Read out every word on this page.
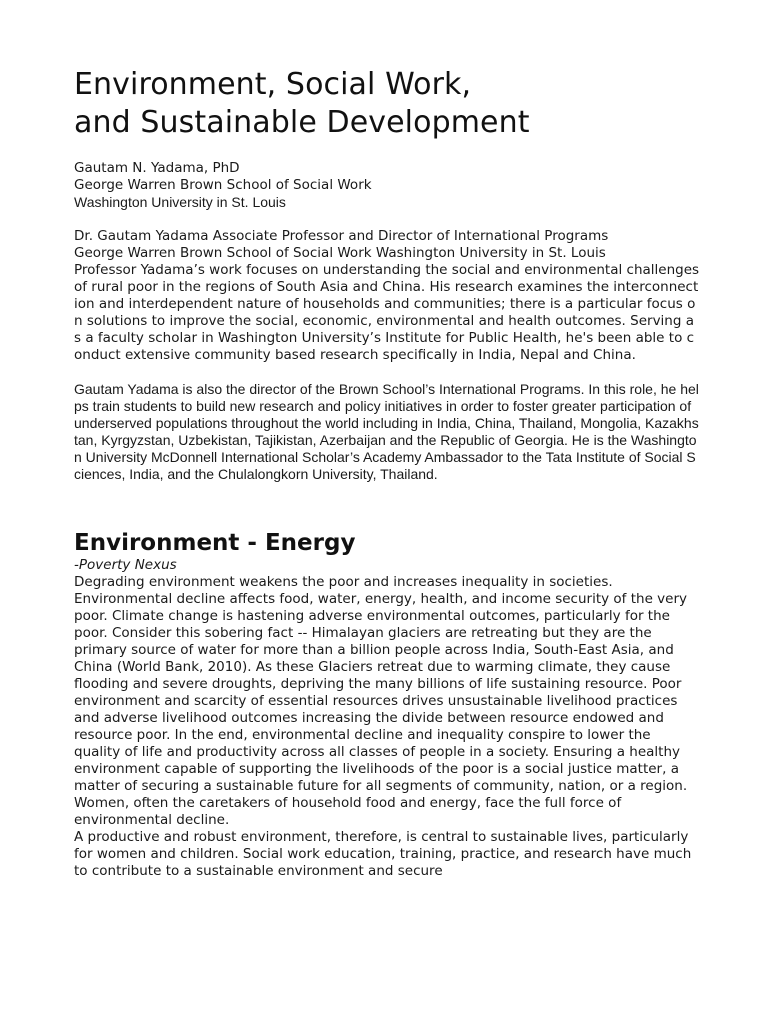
Environment, Social Work,
and Sustainable Development
Gautam N. Yadama, PhD
George Warren Brown School of Social Work
Washington University in St. Louis

Dr. Gautam Yadama Associate Professor and Director of International Programs

George Warren Brown School of Social Work Washington University in St. Louis

Professor Yadama’s work focuses on understanding the social and environmental challenges of rural poor in the regions of South Asia and China. His research examines the interconnection and interdependent nature of households and communities; there is a particular focus on solutions to improve the social, economic, environmental and health outcomes. Serving as a faculty scholar in Washington University’s Institute for Public Health, he's been able to conduct extensive community based research specifically in India, Nepal and China.

Gautam Yadama is also the director of the Brown School’s International Programs. In this role, he helps train students to build new research and policy initiatives in order to foster greater participation of underserved populations throughout the world including in India, China, Thailand, Mongolia, Kazakhstan, Kyrgyzstan, Uzbekistan, Tajikistan, Azerbaijan and the Republic of Georgia. He is the Washington University McDonnell International Scholar’s Academy Ambassador to the Tata Institute of Social Sciences, India, and the Chulalongkorn University, Thailand.
Environment - Energy
-Poverty Nexus

Degrading environment weakens the poor and increases inequality in societies. Environmental decline affects food, water, energy, health, and income security of the very poor. Climate change is hastening adverse environmental outcomes, particularly for the poor. Consider this sobering fact -- Himalayan glaciers are retreating but they are the primary source of water for more than a billion people across India, South-East Asia, and China (World Bank, 2010). As these Glaciers retreat due to warming climate, they cause flooding and severe droughts, depriving the many billions of life sustaining resource. Poor environment and scarcity of essential resources drives unsustainable livelihood practices and adverse livelihood outcomes increasing the divide between resource endowed and resource poor. In the end, environmental decline and inequality conspire to lower the quality of life and productivity across all classes of people in a society. Ensuring a healthy environment capable of supporting the livelihoods of the poor is a social justice matter, a matter of securing a sustainable future for all segments of community, nation, or a region. Women, often the caretakers of household food and energy, face the full force of environmental decline.

A productive and robust environment, therefore, is central to sustainable lives, particularly for women and children. Social work education, training, practice, and research have much to contribute to a sustainable environment and secure
